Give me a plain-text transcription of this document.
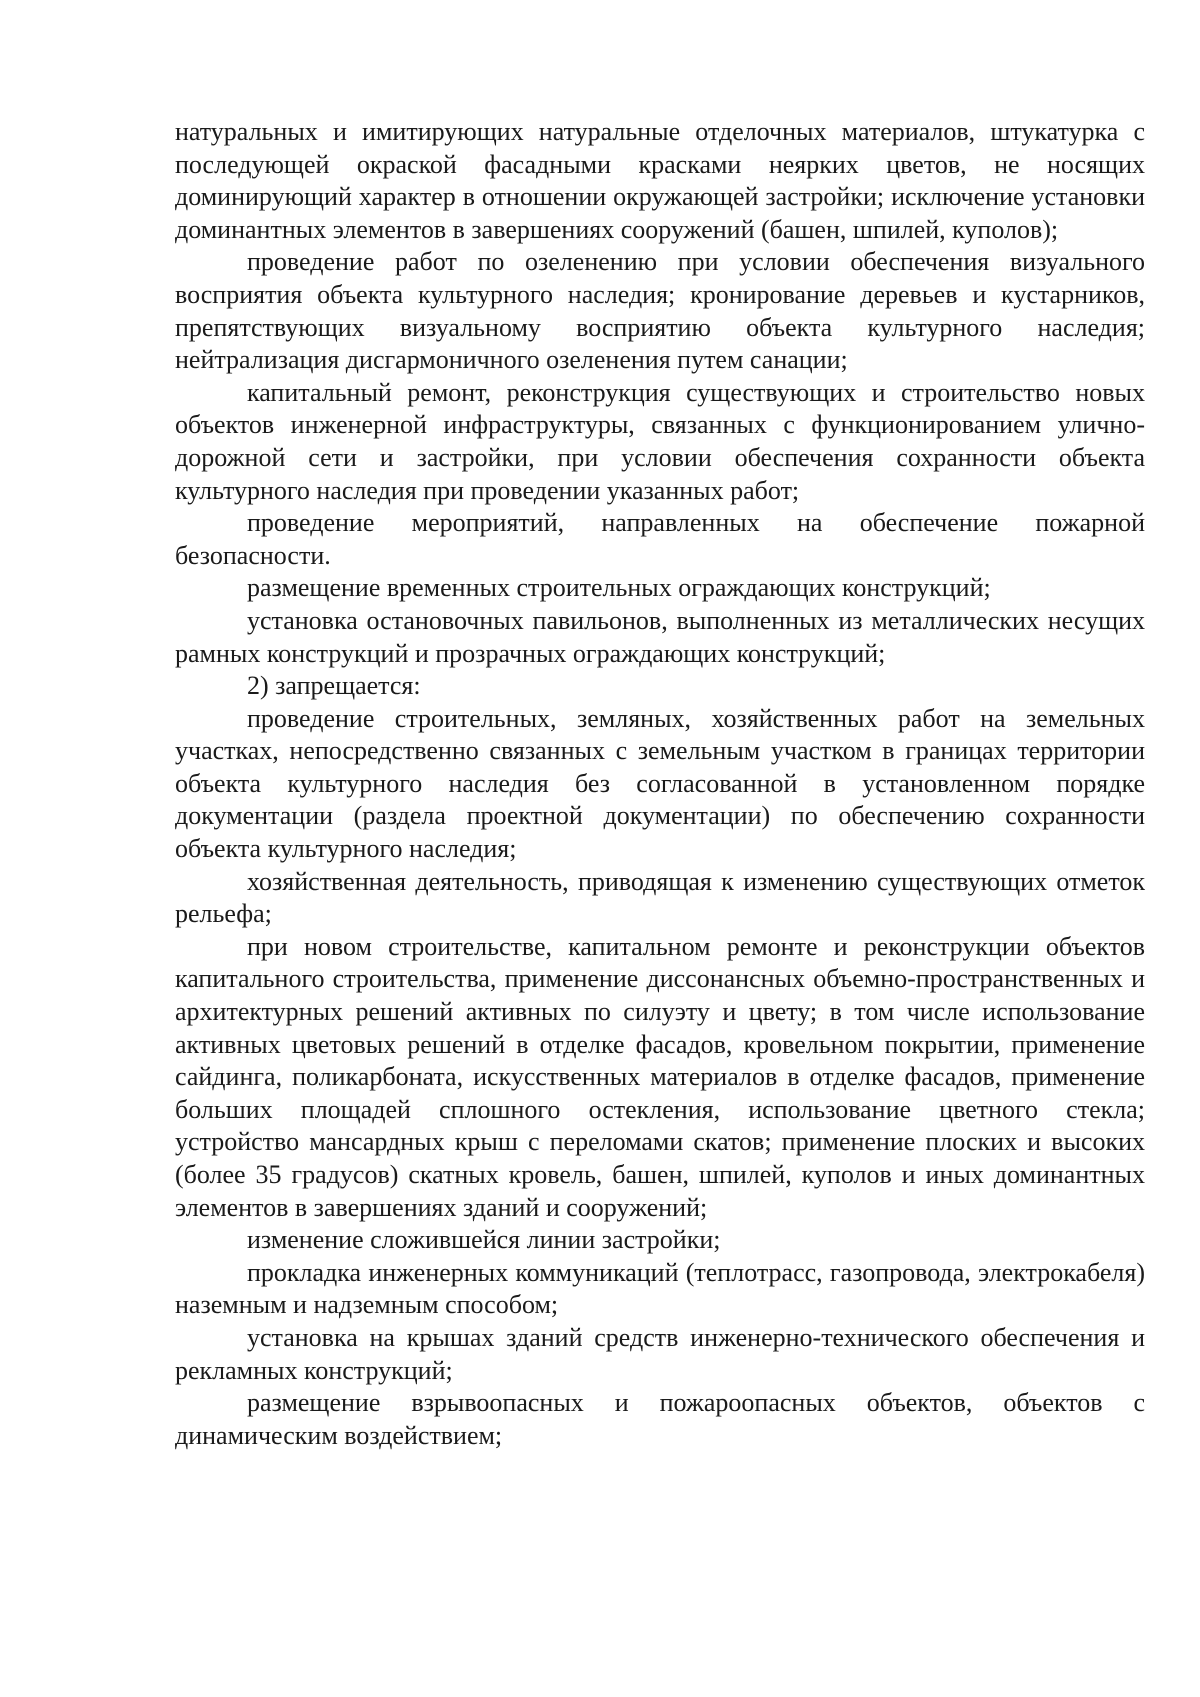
натуральных и имитирующих натуральные отделочных материалов, штукатурка с последующей окраской фасадными красками неярких цветов, не носящих доминирующий характер в отношении окружающей застройки; исключение установки доминантных элементов в завершениях сооружений (башен, шпилей, куполов);

проведение работ по озеленению при условии обеспечения визуального восприятия объекта культурного наследия; кронирование деревьев и кустарников, препятствующих визуальному восприятию объекта культурного наследия; нейтрализация дисгармоничного озеленения путем санации;

капитальный ремонт, реконструкция существующих и строительство новых объектов инженерной инфраструктуры, связанных с функционированием улично-дорожной сети и застройки, при условии обеспечения сохранности объекта культурного наследия при проведении указанных работ;

проведение мероприятий, направленных на обеспечение пожарной безопасности.

размещение временных строительных ограждающих конструкций;

установка остановочных павильонов, выполненных из металлических несущих рамных конструкций и прозрачных ограждающих конструкций;

2) запрещается:

проведение строительных, земляных, хозяйственных работ на земельных участках, непосредственно связанных с земельным участком в границах территории объекта культурного наследия без согласованной в установленном порядке документации (раздела проектной документации) по обеспечению сохранности объекта культурного наследия;

хозяйственная деятельность, приводящая к изменению существующих отметок рельефа;

при новом строительстве, капитальном ремонте и реконструкции объектов капитального строительства, применение диссонансных объемно-пространственных и архитектурных решений активных по силуэту и цвету; в том числе использование активных цветовых решений в отделке фасадов, кровельном покрытии, применение сайдинга, поликарбоната, искусственных материалов в отделке фасадов, применение больших площадей сплошного остекления, использование цветного стекла; устройство мансардных крыш с переломами скатов; применение плоских и высоких (более 35 градусов) скатных кровель, башен, шпилей, куполов и иных доминантных элементов в завершениях зданий и сооружений;

изменение сложившейся линии застройки;

прокладка инженерных коммуникаций (теплотрасс, газопровода, электрокабеля) наземным и надземным способом;

установка на крышах зданий средств инженерно-технического обеспечения и рекламных конструкций;

размещение взрывоопасных и пожароопасных объектов, объектов с динамическим воздействием;
